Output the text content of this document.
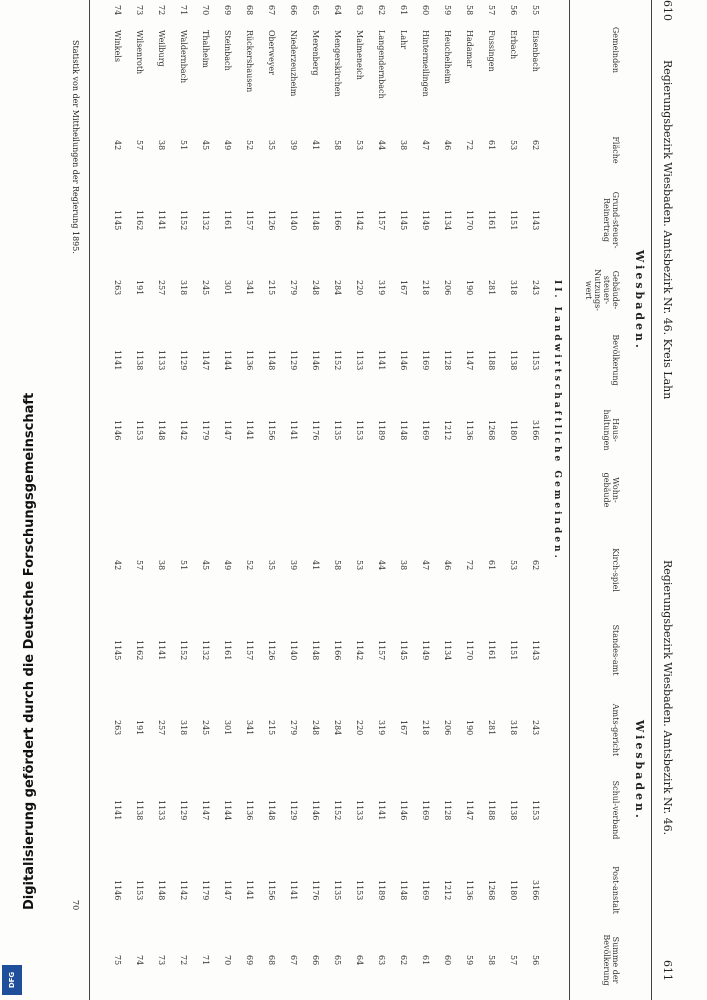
610
Regierungsbezirk Wiesbaden. Amtsbezirk Nr. 46. Kreis Lahn
Regierungsbezirk Wiesbaden. Amtsbezirk Nr. 46.
611
Wiesbaden.
Wiesbaden.
Gemeinden
Fläche
Grund-steuer-Reinertrag
Gebäude-steuer-Nutzungs-wert
Bevölkerung
Haus-haltungen
Wohn-gebäude
Kirch-spiel
Standes-amt
Amts-gericht
Schul-verband
Post-anstalt
Summe der Bevölkerung
II. Landwirtschaftliche Gemeinden.
55
Eisenbach
62
1143
243
1153
3166
62
1143
243
1153
3166
56
56
Erbach
53
1151
318
1138
1180
53
1151
318
1138
1180
57
57
Fussingen
61
1161
281
1188
1268
61
1161
281
1188
1268
58
58
Hadamar
72
1170
190
1147
1136
72
1170
190
1147
1136
59
59
Heuchelheim
46
1134
206
1128
1212
46
1134
206
1128
1212
60
60
Hintermeilingen
47
1149
218
1169
1169
47
1149
218
1169
1169
61
61
Lahr
38
1145
167
1146
1148
38
1145
167
1146
1148
62
62
Langendernbach
44
1157
319
1141
1189
44
1157
319
1141
1189
63
63
Malmeneich
53
1142
220
1133
1153
53
1142
220
1133
1153
64
64
Mengerskirchen
58
1166
284
1152
1135
58
1166
284
1152
1135
65
65
Merenberg
41
1148
248
1146
1176
41
1148
248
1146
1176
66
66
Niederzeuzheim
39
1140
279
1129
1141
39
1140
279
1129
1141
67
67
Oberweyer
35
1126
215
1148
1156
35
1126
215
1148
1156
68
68
Rückershausen
52
1157
341
1136
1141
52
1157
341
1136
1141
69
69
Steinbach
49
1161
301
1144
1147
49
1161
301
1144
1147
70
70
Thalheim
45
1132
245
1147
1179
45
1132
245
1147
1179
71
71
Waldernbach
51
1152
318
1129
1142
51
1152
318
1129
1142
72
72
Weilburg
38
1141
257
1133
1148
38
1141
257
1133
1148
73
73
Wilsenroth
57
1162
191
1138
1153
57
1162
191
1138
1153
74
74
Winkels
42
1145
263
1141
1146
42
1145
263
1141
1146
75
Statistik von der Mittheilungen der Regierung 1895.
70
Digitalisierung gefördert durch die Deutsche Forschungsgemeinschaft
DFG
